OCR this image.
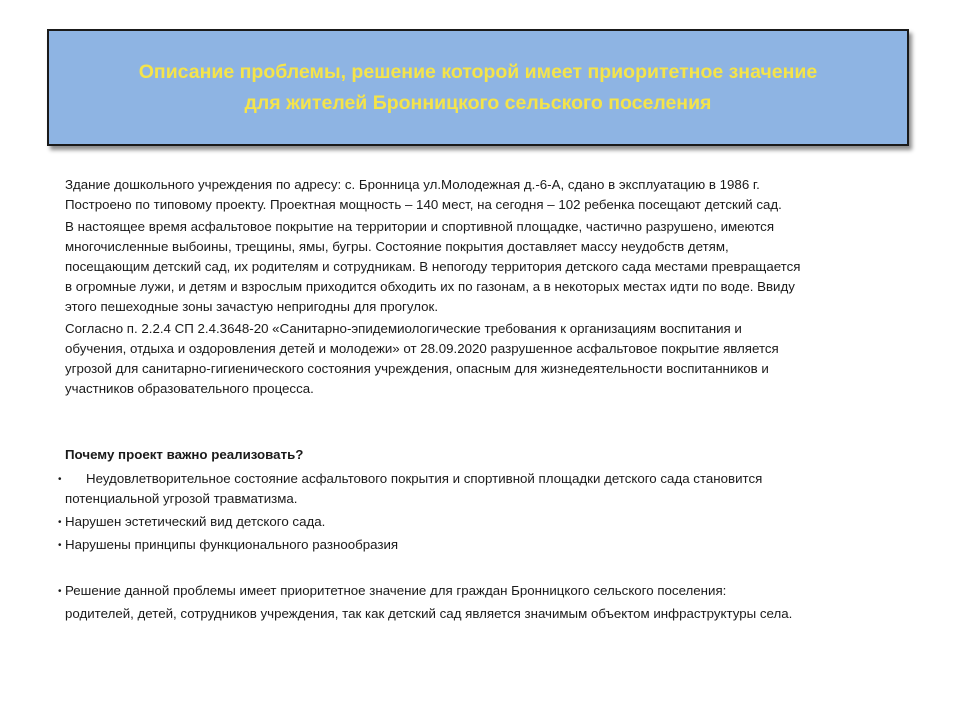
Описание проблемы, решение которой имеет приоритетное значение
для жителей Бронницкого сельского поселения

Здание дошкольного учреждения по адресу: с. Бронница ул.Молодежная д.-6-А, сдано в эксплуатацию в 1986 г.

Построено по типовому проекту. Проектная мощность – 140 мест, на сегодня – 102 ребенка посещают детский сад.

В настоящее время асфальтовое покрытие на территории и спортивной площадке, частично разрушено, имеются

многочисленные выбоины, трещины, ямы, бугры. Состояние покрытия доставляет массу неудобств детям,

посещающим детский сад, их родителям и сотрудникам. В непогоду территория детского сада местами превращается

в огромные лужи, и детям и взрослым приходится обходить их по газонам, а в некоторых местах идти по воде. Ввиду

этого пешеходные зоны зачастую непригодны для прогулок.

Согласно п. 2.2.4 СП 2.4.3648-20 «Санитарно-эпидемиологические требования к организациям воспитания и

обучения, отдыха и оздоровления детей и молодежи» от 28.09.2020 разрушенное асфальтовое покрытие является

угрозой для санитарно-гигиенического состояния учреждения, опасным для жизнедеятельности воспитанников и

участников образовательного процесса.

Почему проект важно реализовать?

• Неудовлетворительное состояние асфальтового покрытия и спортивной площадки детского сада становится

потенциальной угрозой травматизма.

• Нарушен эстетический вид детского сада.

• Нарушены принципы функционального разнообразия

• Решение данной проблемы имеет приоритетное значение для граждан Бронницкого сельского поселения:

родителей, детей, сотрудников учреждения, так как детский сад является значимым объектом инфраструктуры села.
